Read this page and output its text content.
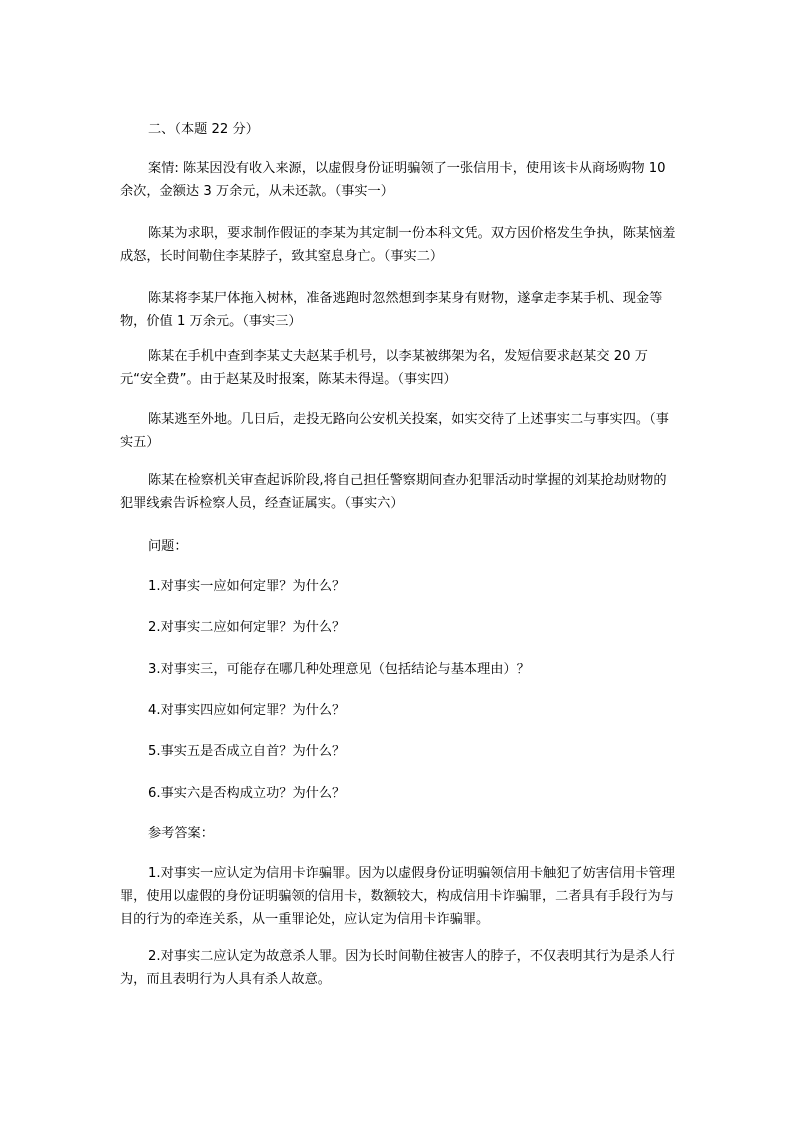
二、（本题 22 分）
案情: 陈某因没有收入来源，以虚假身份证明骗领了一张信用卡，使用该卡从商场购物 10 余次，金额达 3 万余元，从未还款。（事实一）
陈某为求职，要求制作假证的李某为其定制一份本科文凭。双方因价格发生争执，陈某恼羞成怒，长时间勒住李某脖子，致其窒息身亡。（事实二）
陈某将李某尸体拖入树林，准备逃跑时忽然想到李某身有财物，遂拿走李某手机、现金等物，价值 1 万余元。（事实三）
陈某在手机中查到李某丈夫赵某手机号，以李某被绑架为名，发短信要求赵某交 20 万元“安全费”。由于赵某及时报案，陈某未得逞。（事实四）
陈某逃至外地。几日后，走投无路向公安机关投案，如实交待了上述事实二与事实四。（事实五）
陈某在检察机关审查起诉阶段,将自己担任警察期间查办犯罪活动时掌握的刘某抢劫财物的犯罪线索告诉检察人员，经查证属实。（事实六）
问题：
1.对事实一应如何定罪？为什么？
2.对事实二应如何定罪？为什么？
3.对事实三，可能存在哪几种处理意见（包括结论与基本理由）？
4.对事实四应如何定罪？为什么？
5.事实五是否成立自首？为什么？
6.事实六是否构成立功？为什么？
参考答案：
1.对事实一应认定为信用卡诈骗罪。因为以虚假身份证明骗领信用卡触犯了妨害信用卡管理罪，使用以虚假的身份证明骗领的信用卡，数额较大，构成信用卡诈骗罪，二者具有手段行为与目的行为的牵连关系，从一重罪论处，应认定为信用卡诈骗罪。
2.对事实二应认定为故意杀人罪。因为长时间勒住被害人的脖子，不仅表明其行为是杀人行为，而且表明行为人具有杀人故意。
